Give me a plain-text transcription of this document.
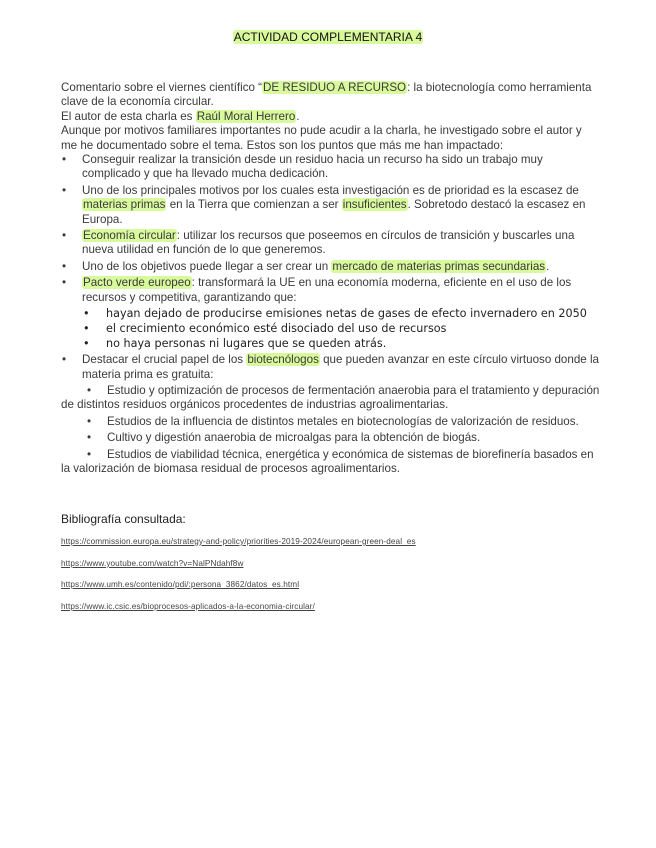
ACTIVIDAD COMPLEMENTARIA 4

Comentario sobre el viernes científico “DE RESIDUO A RECURSO: la biotecnología como herramienta clave de la economía circular.

El autor de esta charla es Raúl Moral Herrero.

Aunque por motivos familiares importantes no pude acudir a la charla, he investigado sobre el autor y me he documentado sobre el tema. Estos son los puntos que más me han impactado:

• Conseguir realizar la transición desde un residuo hacia un recurso ha sido un trabajo muy complicado y que ha llevado mucha dedicación.
• Uno de los principales motivos por los cuales esta investigación es de prioridad es la escasez de materias primas en la Tierra que comienzan a ser insuficientes. Sobretodo destacó la escasez en Europa.
• Economía circular: utilizar los recursos que poseemos en círculos de transición y buscarles una nueva utilidad en función de lo que generemos.
• Uno de los objetivos puede llegar a ser crear un mercado de materias primas secundarias.
• Pacto verde europeo: transformará la UE en una economía moderna, eficiente en el uso de los recursos y competitiva, garantizando que:
• hayan dejado de producirse emisiones netas de gases de efecto invernadero en 2050
• el crecimiento económico esté disociado del uso de recursos
• no haya personas ni lugares que se queden atrás.
• Destacar el crucial papel de los biotecnólogos que pueden avanzar en este círculo virtuoso donde la materia prima es gratuita:

• Estudio y optimización de procesos de fermentación anaerobia para el tratamiento y depuración de distintos residuos orgánicos procedentes de industrias agroalimentarias.

• Estudios de la influencia de distintos metales en biotecnologías de valorización de residuos.

• Cultivo y digestión anaerobia de microalgas para la obtención de biogás.

• Estudios de viabilidad técnica, energética y económica de sistemas de biorefinería basados en la valorización de biomasa residual de procesos agroalimentarios.

Bibliografía consultada:
https://commission.europa.eu/strategy-and-policy/priorities-2019-2024/european-green-deal_es
https://www.youtube.com/watch?v=NalPNdahf8w
https://www.umh.es/contenido/pdi/:persona_3862/datos_es.html
https://www.ic.csic.es/bioprocesos-aplicados-a-la-economia-circular/
